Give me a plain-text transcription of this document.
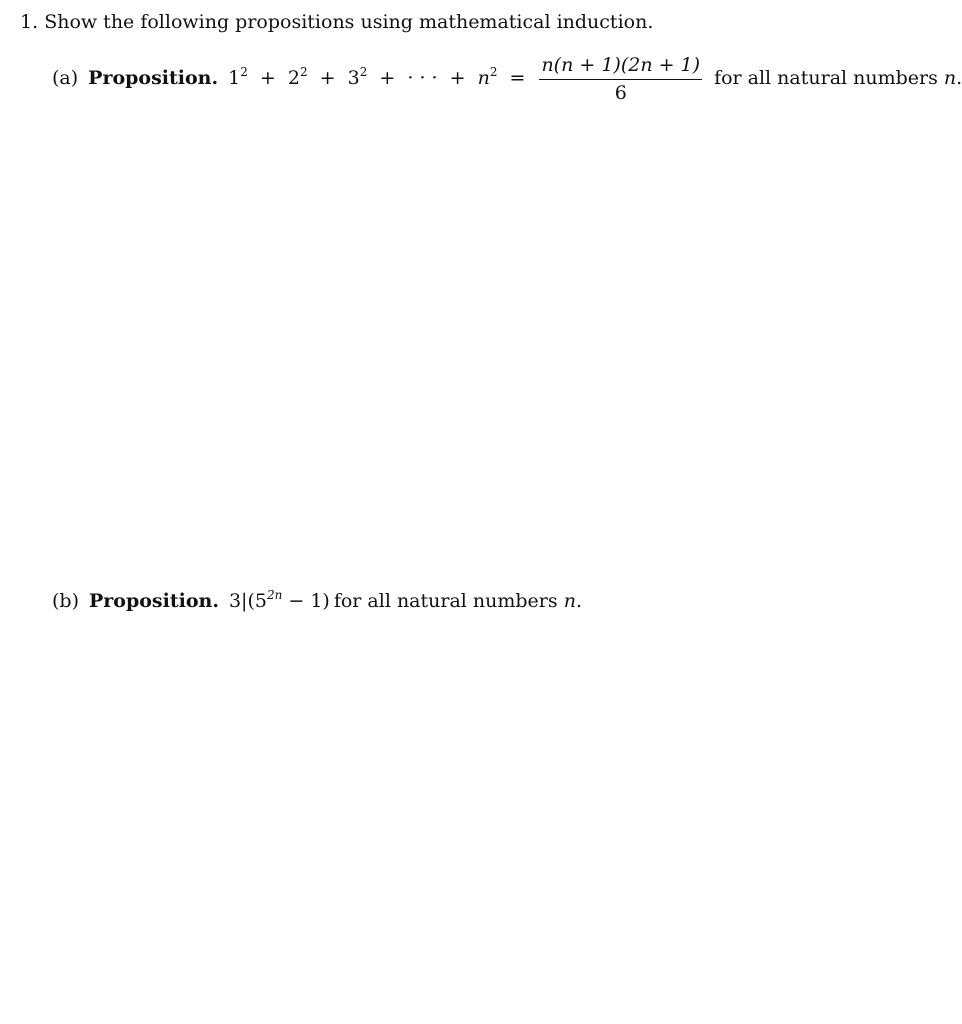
1. Show the following propositions using mathematical induction.
(a) Proposition. $1^2 + 2^2 + 3^2$ + · · · + $n^2 = \frac{n(n + 1)(2n + 1)}{6}$ for all natural numbers n.
(b) Proposition. $3|(5^{2n} - 1)$ for all natural numbers n.
